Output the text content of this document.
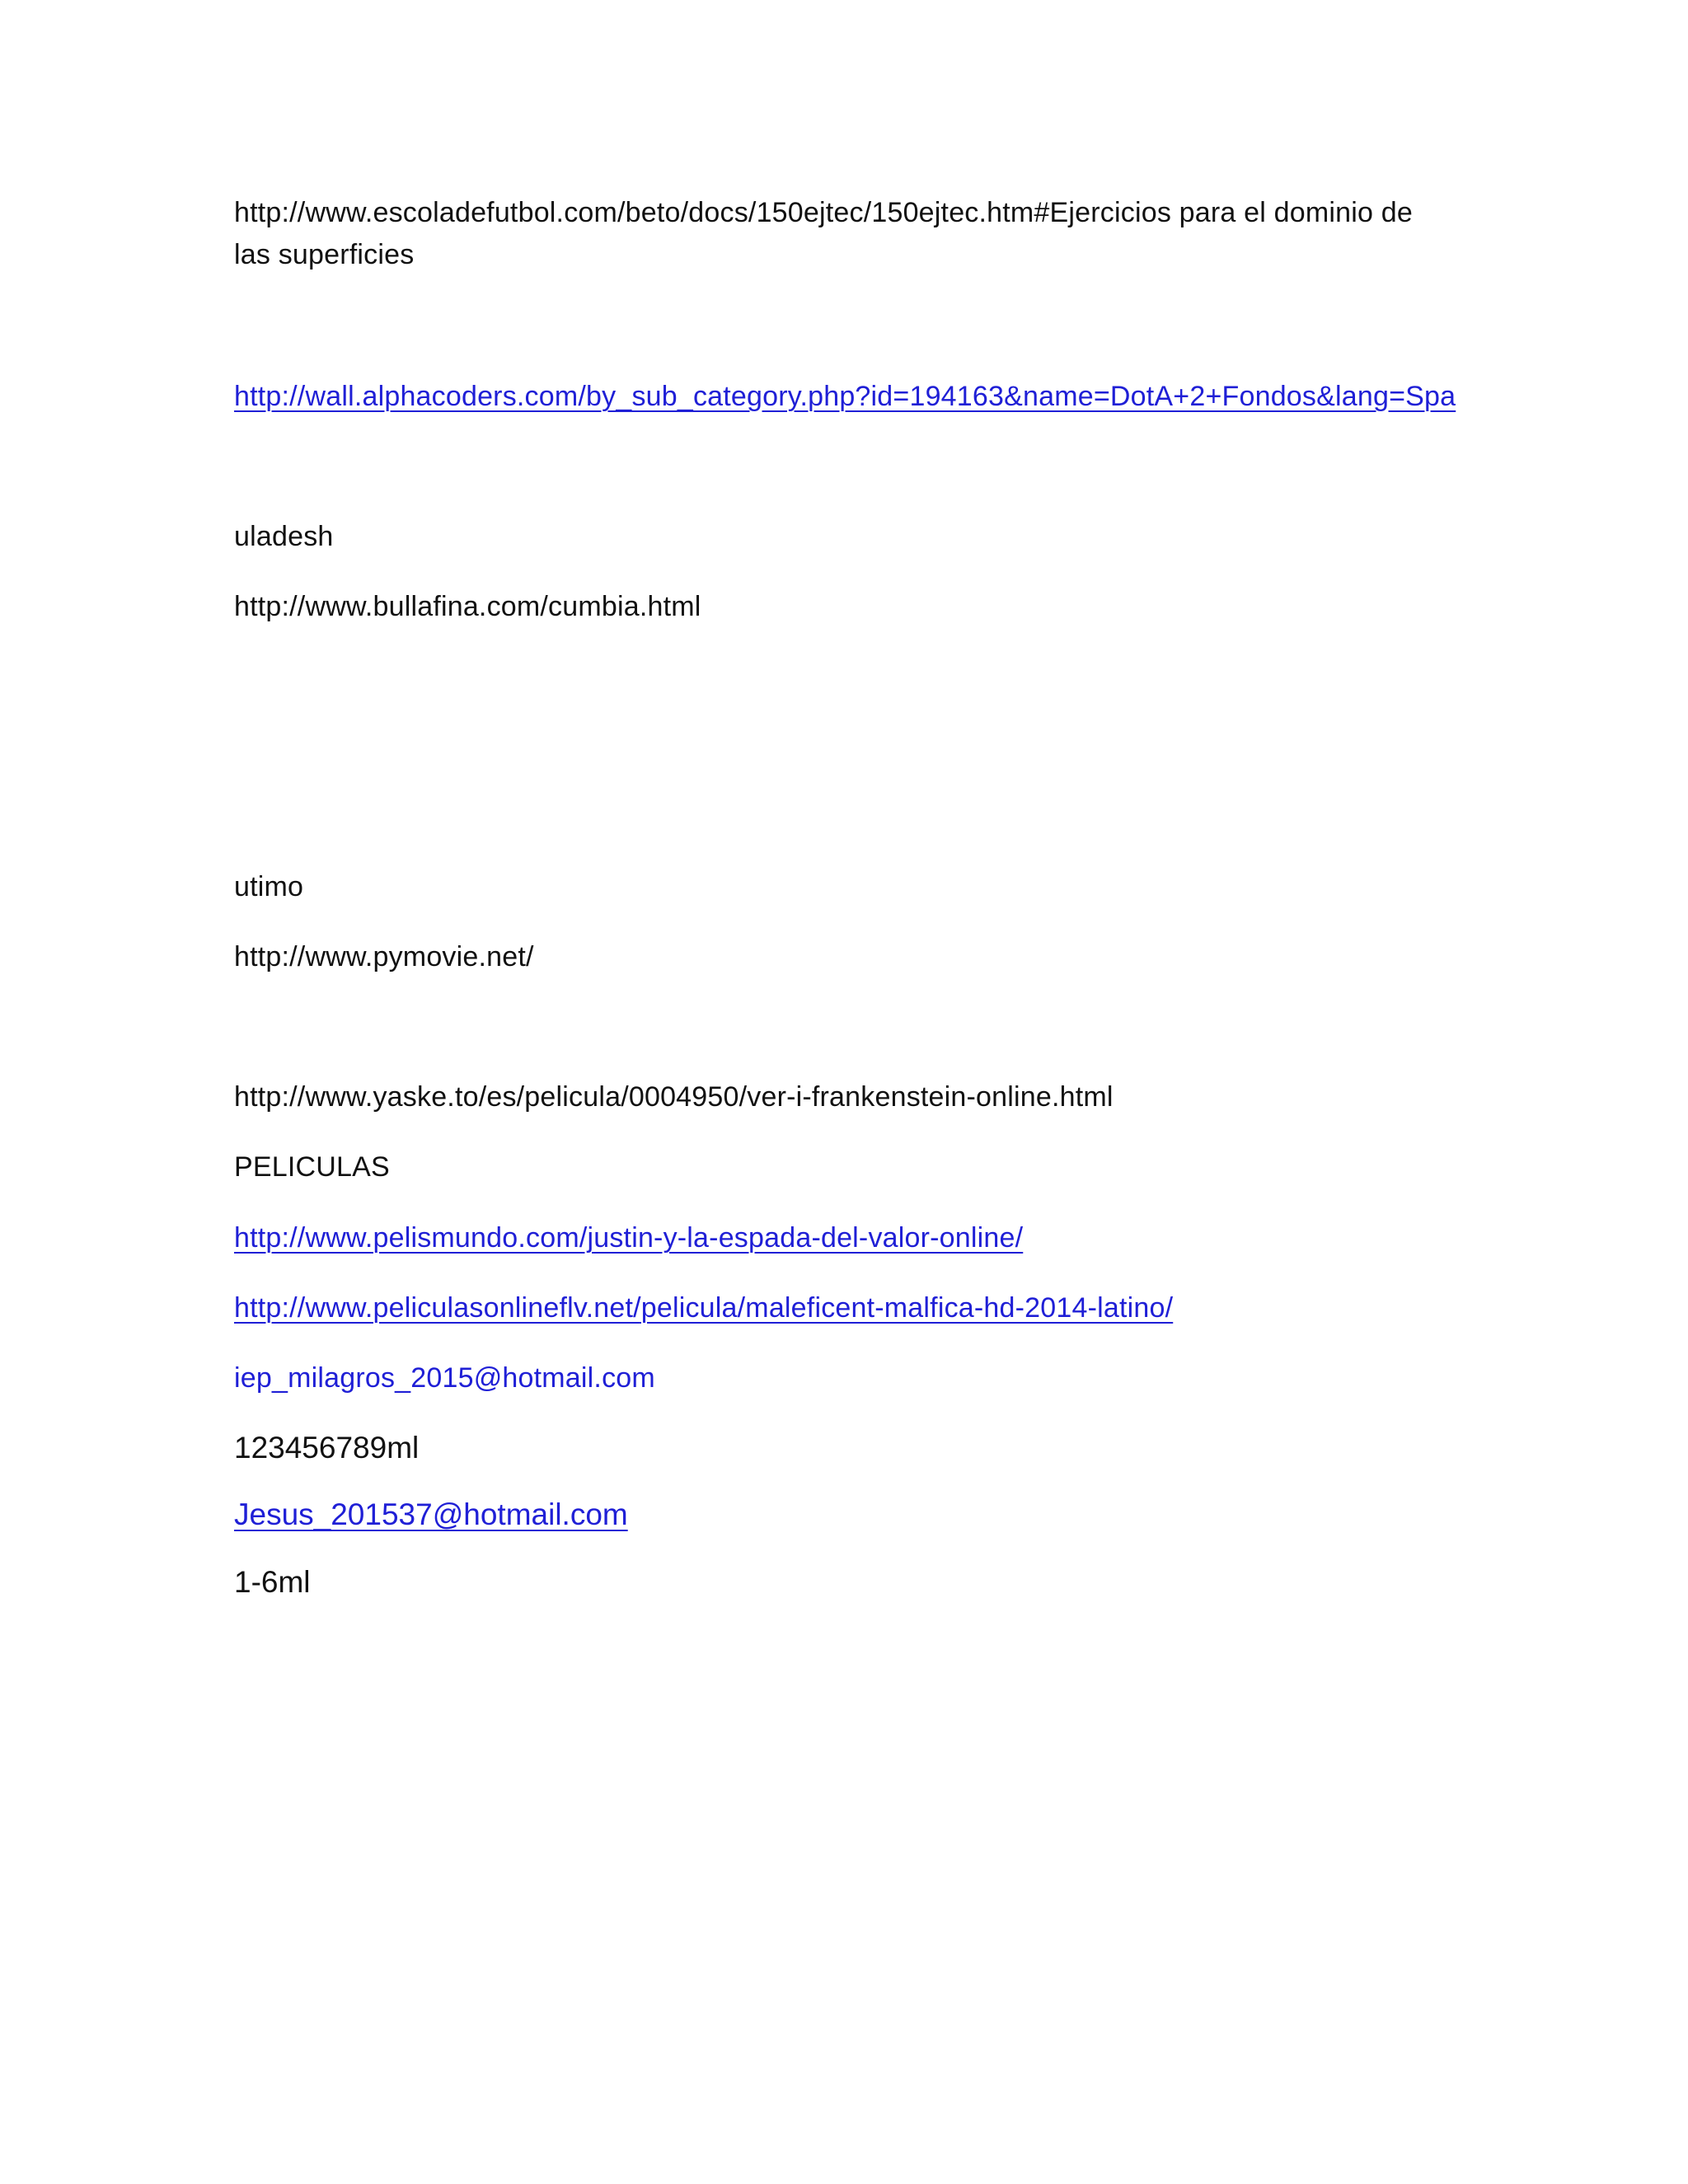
http://www.escoladefutbol.com/beto/docs/150ejtec/150ejtec.htm#Ejercicios para el dominio de

las superficies

http://wall.alphacoders.com/by_sub_category.php?id=194163&name=DotA+2+Fondos&lang=Spa

uladesh

http://www.bullafina.com/cumbia.html

utimo

http://www.pymovie.net/

http://www.yaske.to/es/pelicula/0004950/ver-i-frankenstein-online.html

PELICULAS

http://www.pelismundo.com/justin-y-la-espada-del-valor-online/
http://www.peliculasonlineflv.net/pelicula/maleficent-malfica-hd-2014-latino/

iep_milagros_2015@hotmail.com

123456789ml

Jesus_201537@hotmail.com

1-6ml
